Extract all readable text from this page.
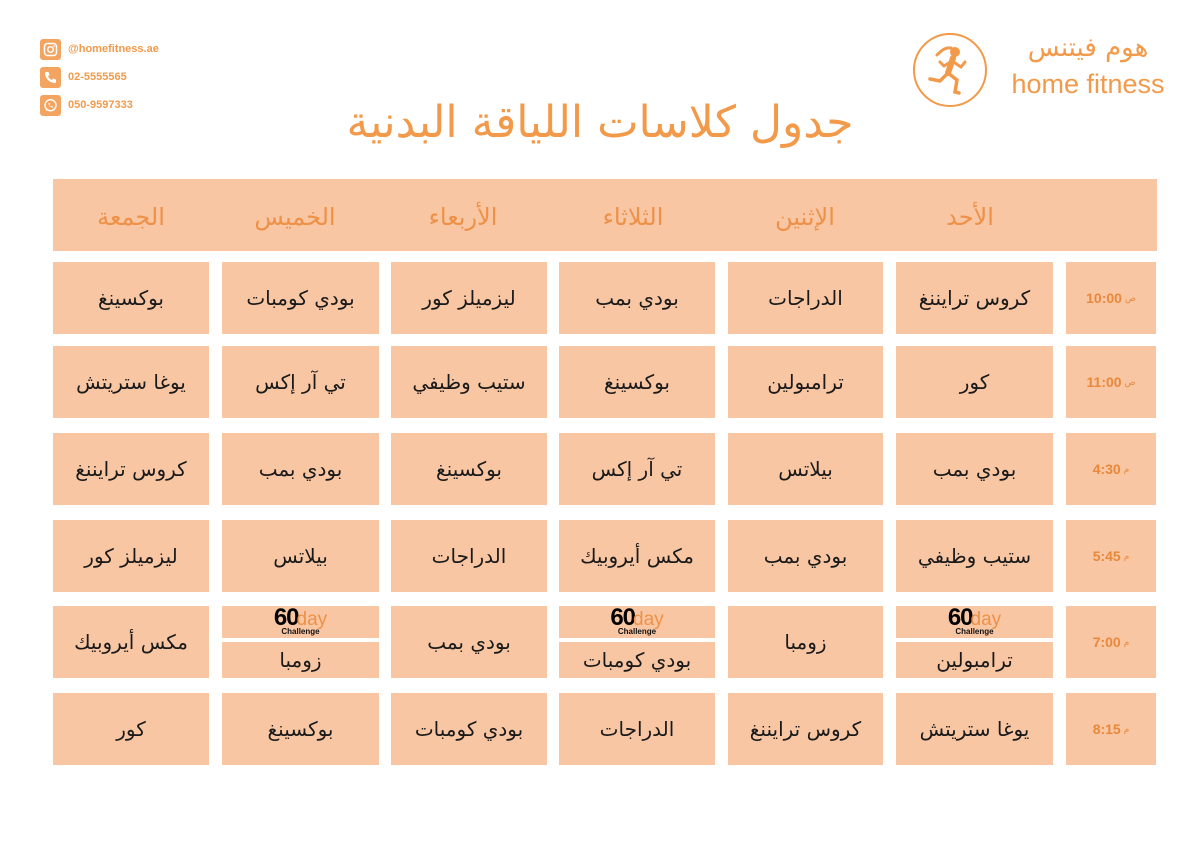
@homefitness.ae
02-5555565
050-9597333
هوم فيتنس
home fitness
جدول كلاسات اللياقة البدنية
الأحد
الإثنين
الثلاثاء
الأربعاء
الخميس
الجمعة
10:00 ص
كروس ترايننغ
الدراجات
بودي بمب
ليزميلز كور
بودي كومبات
بوكسينغ
11:00 ص
كور
ترامبولين
بوكسينغ
ستيب وظيفي
تي آر إكس
يوغا ستريتش
4:30 م
بودي بمب
بيلاتس
تي آر إكس
بوكسينغ
بودي بمب
كروس ترايننغ
5:45 م
ستيب وظيفي
بودي بمب
مكس أيروبيك
الدراجات
بيلاتس
ليزميلز كور
7:00 م
60day
Challenge
ترامبولين
زومبا
60day
Challenge
بودي كومبات
بودي بمب
60day
Challenge
زومبا
مكس أيروبيك
8:15 م
يوغا ستريتش
كروس ترايننغ
الدراجات
بودي كومبات
بوكسينغ
كور
